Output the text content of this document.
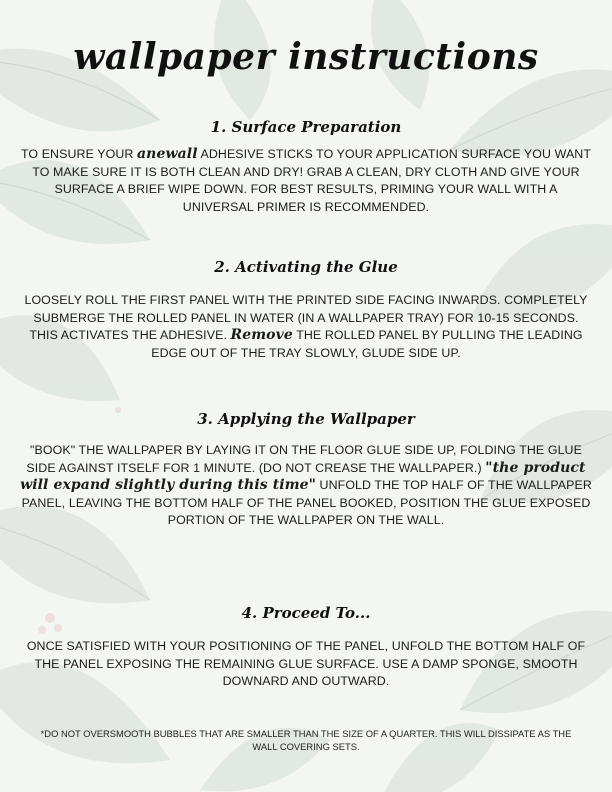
wallpaper instructions
1. Surface Preparation
TO ENSURE YOUR anewall ADHESIVE STICKS TO YOUR APPLICATION SURFACE YOU WANT TO MAKE SURE IT IS BOTH CLEAN AND DRY! GRAB A CLEAN, DRY CLOTH AND GIVE YOUR SURFACE A BRIEF WIPE DOWN. FOR BEST RESULTS, PRIMING YOUR WALL WITH A UNIVERSAL PRIMER IS RECOMMENDED.
2. Activating the Glue
LOOSELY ROLL THE FIRST PANEL WITH THE PRINTED SIDE FACING INWARDS. COMPLETELY SUBMERGE THE ROLLED PANEL IN WATER (IN A WALLPAPER TRAY) FOR 10-15 SECONDS. THIS ACTIVATES THE ADHESIVE. Remove THE ROLLED PANEL BY PULLING THE LEADING EDGE OUT OF THE TRAY SLOWLY, GLUDE SIDE UP.
3. Applying the Wallpaper
"BOOK" THE WALLPAPER BY LAYING IT ON THE FLOOR GLUE SIDE UP, FOLDING THE GLUE SIDE AGAINST ITSELF FOR 1 MINUTE. (DO NOT CREASE THE WALLPAPER.) "the product will expand slightly during this time" UNFOLD THE TOP HALF OF THE WALLPAPER PANEL, LEAVING THE BOTTOM HALF OF THE PANEL BOOKED, POSITION THE GLUE EXPOSED PORTION OF THE WALLPAPER ON THE WALL.
4. Proceed To...
ONCE SATISFIED WITH YOUR POSITIONING OF THE PANEL, UNFOLD THE BOTTOM HALF OF THE PANEL EXPOSING THE REMAINING GLUE SURFACE. USE A DAMP SPONGE, SMOOTH DOWNARD AND OUTWARD.
*DO NOT OVERSMOOTH BUBBLES THAT ARE SMALLER THAN THE SIZE OF A QUARTER. THIS WILL DISSIPATE AS THE WALL COVERING SETS.
